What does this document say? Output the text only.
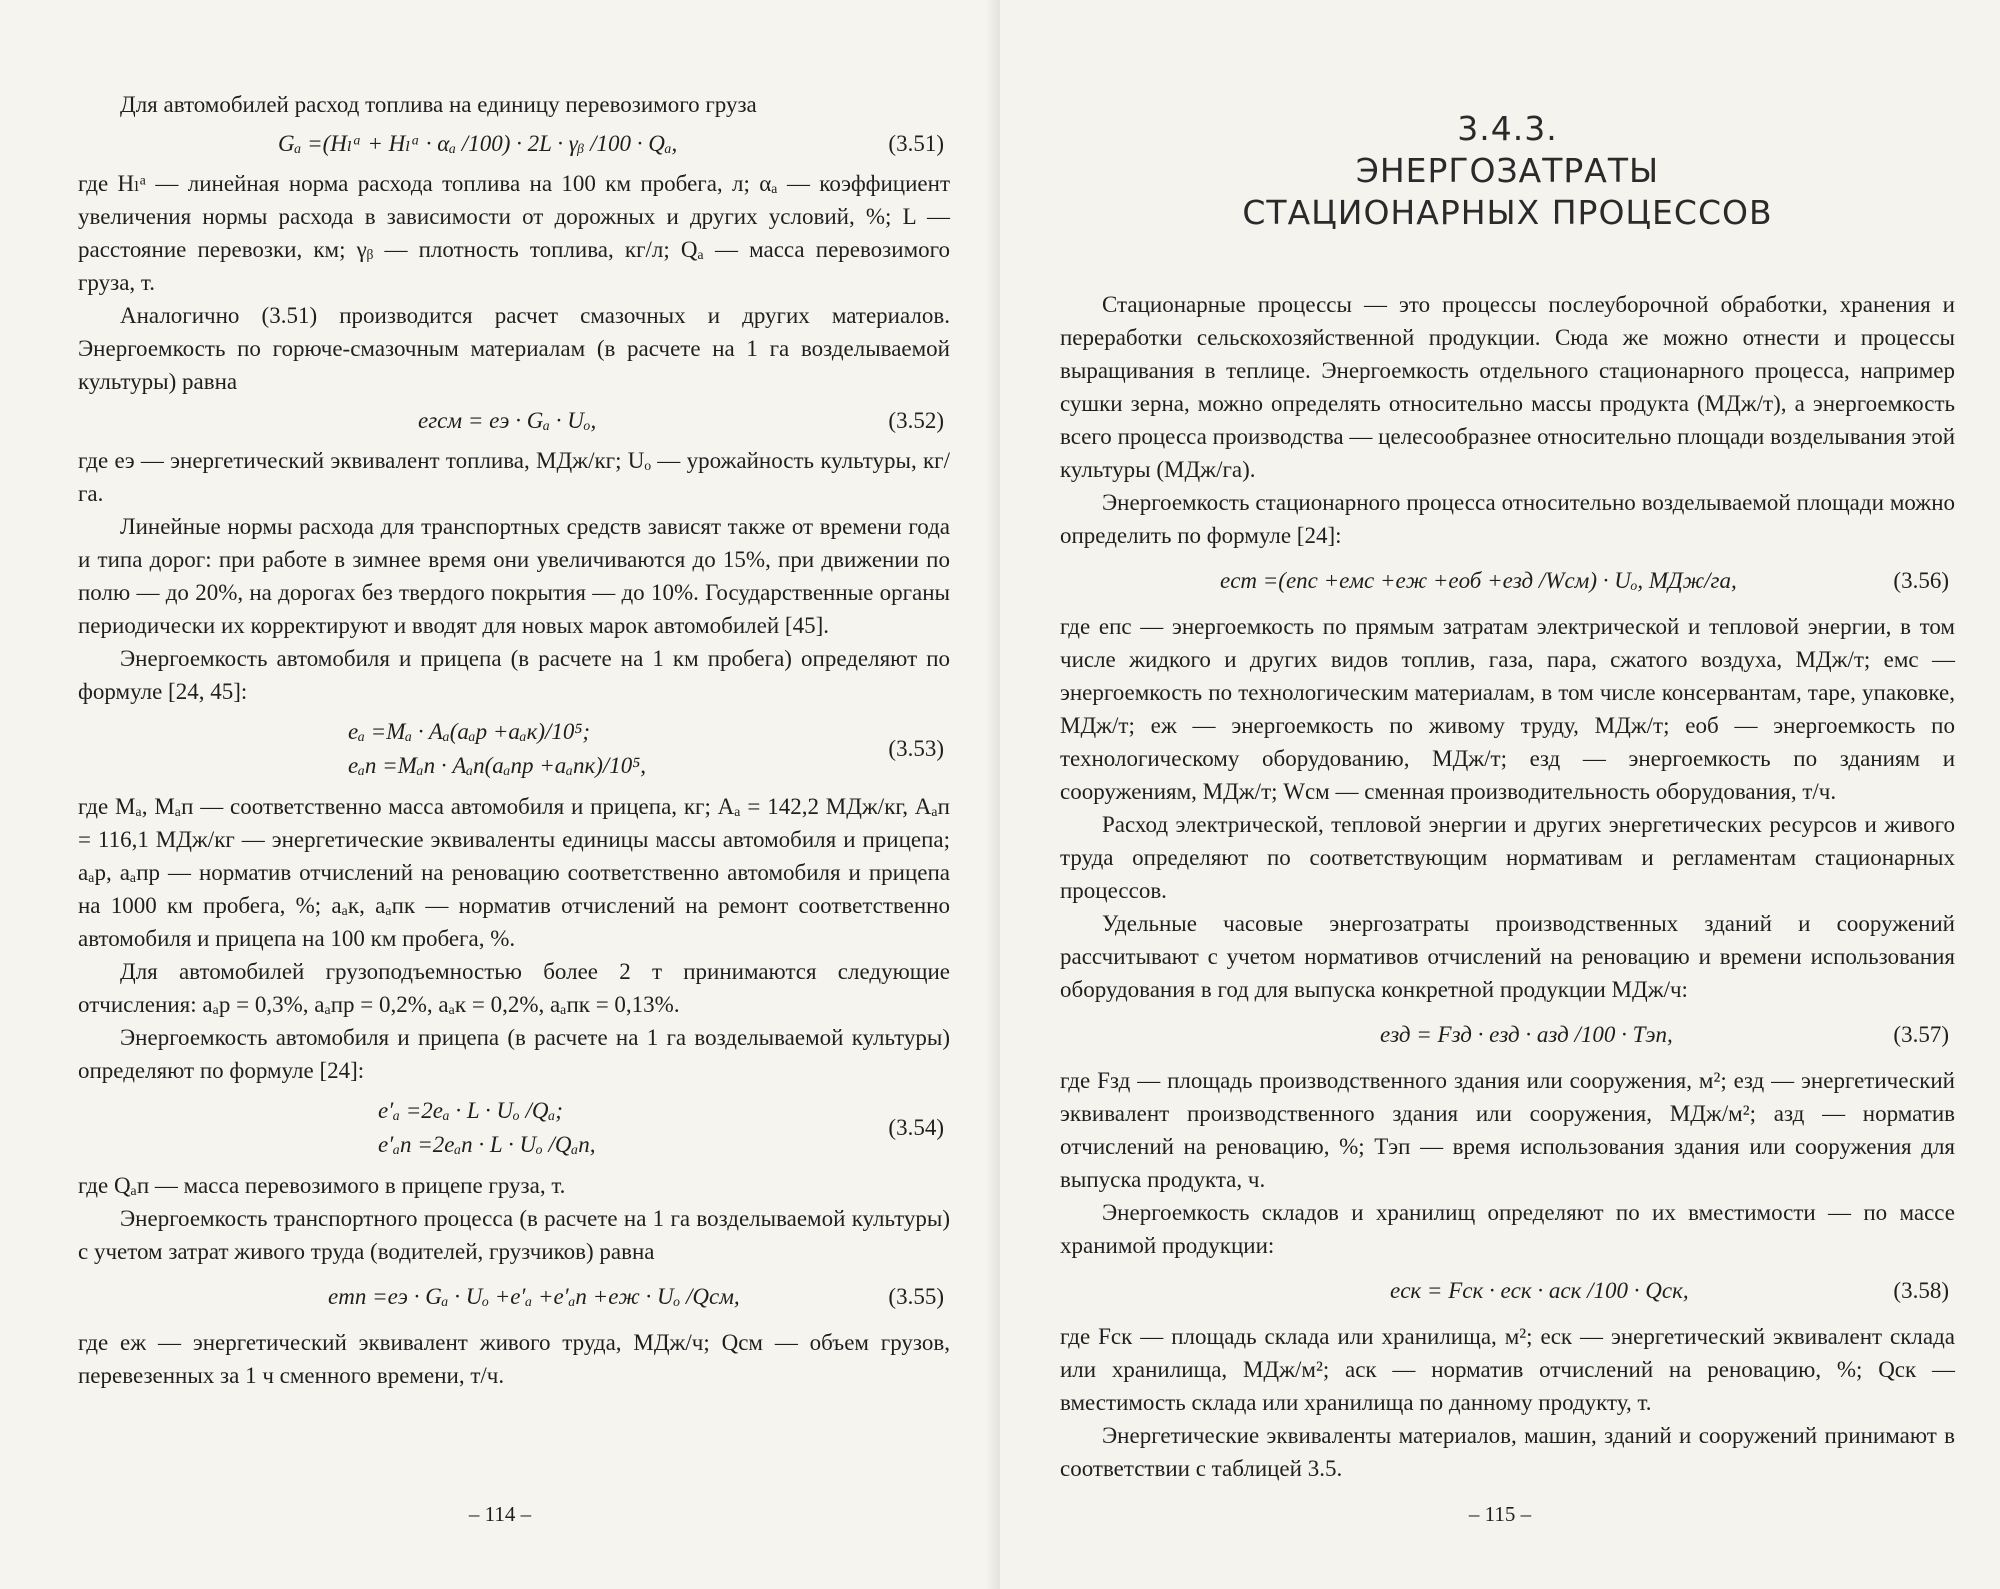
Для автомобилей расход топлива на единицу перевозимого груза

Gₐ =(Hₗᵃ + Hₗᵃ · αₐ /100) · 2L · γᵦ /100 · Qₐ,	(3.51)

где Hₗᵃ — линейная норма расхода топлива на 100 км пробега, л; αₐ — коэффициент увеличения нормы расхода в зависимости от дорожных и других условий, %; L — расстояние перевозки, км; γᵦ — плотность топлива, кг/л; Qₐ — масса перевозимого груза, т.

Аналогично (3.51) производится расчет смазочных и других материалов. Энергоемкость по горюче-смазочным материалам (в расчете на 1 га возделываемой культуры) равна

eгсм = eэ · Gₐ · Uₒ,	(3.52)

где eэ — энергетический эквивалент топлива, МДж/кг; Uₒ — урожайность культуры, кг/га.

Линейные нормы расхода для транспортных средств зависят также от времени года и типа дорог: при работе в зимнее время они увеличиваются до 15%, при движении по полю — до 20%, на дорогах без твердого покрытия — до 10%. Государственные органы периодически их корректируют и вводят для новых марок автомобилей [45].

Энергоемкость автомобиля и прицепа (в расчете на 1 км пробега) определяют по формуле [24, 45]:

eₐ =Mₐ · Aₐ(aₐр +aₐк)/10⁵;
eₐп =Mₐп · Aₐп(aₐпр +aₐпк)/10⁵,
(3.53)

где Mₐ, Mₐп — соответственно масса автомобиля и прицепа, кг; Aₐ = 142,2 МДж/кг, Aₐп = 116,1 МДж/кг — энергетические эквиваленты единицы массы автомобиля и прицепа; aₐр, aₐпр — норматив отчислений на реновацию соответственно автомобиля и прицепа на 1000 км пробега, %; aₐк, aₐпк — норматив отчислений на ремонт соответственно автомобиля и прицепа на 100 км пробега, %.

Для автомобилей грузоподъемностью более 2 т принимаются следующие отчисления: aₐр = 0,3%, aₐпр = 0,2%, aₐк = 0,2%, aₐпк = 0,13%.

Энергоемкость автомобиля и прицепа (в расчете на 1 га возделываемой культуры) определяют по формуле [24]:

e′ₐ =2eₐ · L · Uₒ /Qₐ;
e′ₐп =2eₐп · L · Uₒ /Qₐп,
(3.54)

где Qₐп — масса перевозимого в прицепе груза, т.

Энергоемкость транспортного процесса (в расчете на 1 га возделываемой культуры) с учетом затрат живого труда (водителей, грузчиков) равна

eтп =eэ · Gₐ · Uₒ +e′ₐ +e′ₐп +eж · Uₒ /Qсм,	(3.55)

где eж — энергетический эквивалент живого труда, МДж/ч; Qсм — объем грузов, перевезенных за 1 ч сменного времени, т/ч.

– 114 –
3.4.3.
ЭНЕРГОЗАТРАТЫ
СТАЦИОНАРНЫХ ПРОЦЕССОВ

Стационарные процессы — это процессы послеуборочной обработки, хранения и переработки сельскохозяйственной продукции. Сюда же можно отнести и процессы выращивания в теплице. Энергоемкость отдельного стационарного процесса, например сушки зерна, можно определять относительно массы продукта (МДж/т), а энергоемкость всего процесса производства — целесообразнее относительно площади возделывания этой культуры (МДж/га).

Энергоемкость стационарного процесса относительно возделываемой площади можно определить по формуле [24]:

eст =(eпс +eмс +eж +eоб +eзд /Wсм) · Uₒ, МДж/га,	(3.56)

где eпс — энергоемкость по прямым затратам электрической и тепловой энергии, в том числе жидкого и других видов топлив, газа, пара, сжатого воздуха, МДж/т; eмс — энергоемкость по технологическим материалам, в том числе консервантам, таре, упаковке, МДж/т; eж — энергоемкость по живому труду, МДж/т; eоб — энергоемкость по технологическому оборудованию, МДж/т; eзд — энергоемкость по зданиям и сооружениям, МДж/т; Wсм — сменная производительность оборудования, т/ч.

Расход электрической, тепловой энергии и других энергетических ресурсов и живого труда определяют по соответствующим нормативам и регламентам стационарных процессов.

Удельные часовые энергозатраты производственных зданий и сооружений рассчитывают с учетом нормативов отчислений на реновацию и времени использования оборудования в год для выпуска конкретной продукции МДж/ч:

eзд = Fзд · eзд · aзд /100 · Tэп,	(3.57)

где Fзд — площадь производственного здания или сооружения, м²; eзд — энергетический эквивалент производственного здания или сооружения, МДж/м²; aзд — норматив отчислений на реновацию, %; Tэп — время использования здания или сооружения для выпуска продукта, ч.

Энергоемкость складов и хранилищ определяют по их вместимости — по массе хранимой продукции:

eск = Fск · eск · aск /100 · Qск,	(3.58)

где Fск — площадь склада или хранилища, м²; eск — энергетический эквивалент склада или хранилища, МДж/м²; aск — норматив отчислений на реновацию, %; Qск — вместимость склада или хранилища по данному продукту, т.

Энергетические эквиваленты материалов, машин, зданий и сооружений принимают в соответствии с таблицей 3.5.

– 115 –
